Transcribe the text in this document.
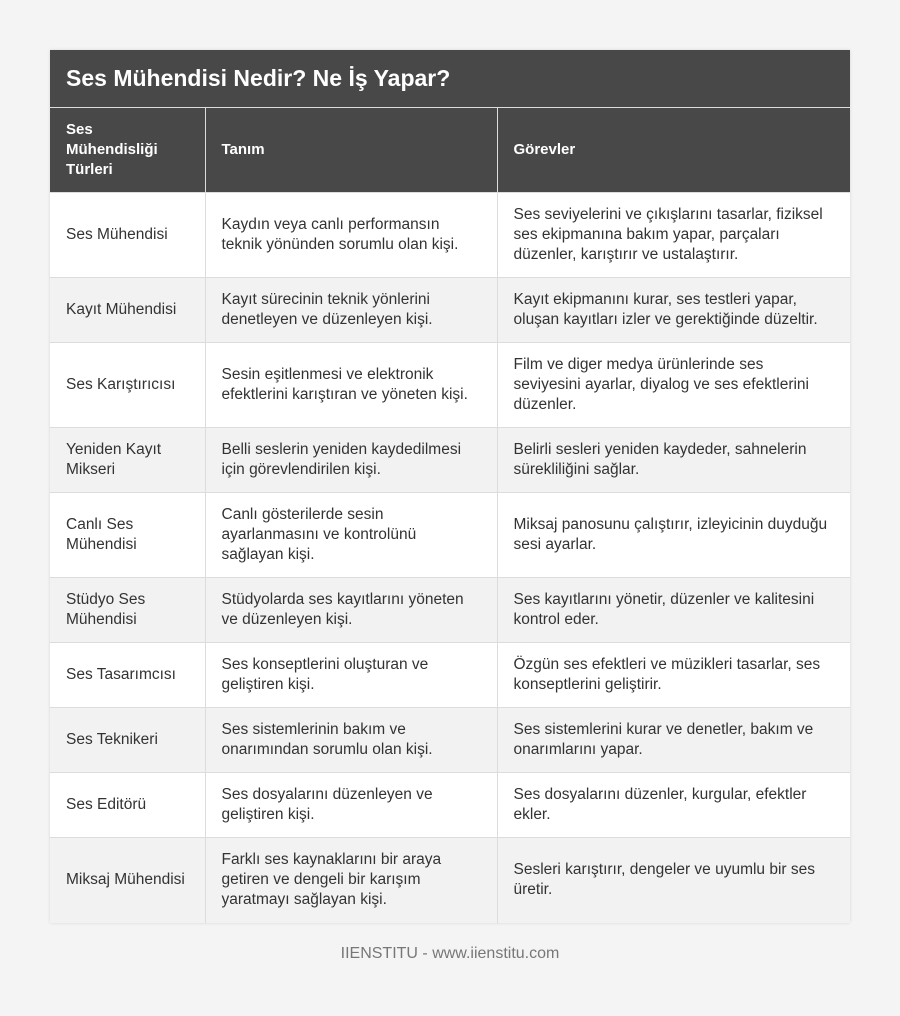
Ses Mühendisi Nedir? Ne İş Yapar?
Ses Mühendisliği Türleri	Tanım	Görevler
Ses Mühendisi	Kaydın veya canlı performansın teknik yönünden sorumlu olan kişi.	Ses seviyelerini ve çıkışlarını tasarlar, fiziksel ses ekipmanına bakım yapar, parçaları düzenler, karıştırır ve ustalaştırır.
Kayıt Mühendisi	Kayıt sürecinin teknik yönlerini denetleyen ve düzenleyen kişi.	Kayıt ekipmanını kurar, ses testleri yapar, oluşan kayıtları izler ve gerektiğinde düzeltir.
Ses Karıştırıcısı	Sesin eşitlenmesi ve elektronik efektlerini karıştıran ve yöneten kişi.	Film ve diger medya ürünlerinde ses seviyesini ayarlar, diyalog ve ses efektlerini düzenler.
Yeniden Kayıt Mikseri	Belli seslerin yeniden kaydedilmesi için görevlendirilen kişi.	Belirli sesleri yeniden kaydeder, sahnelerin sürekliliğini sağlar.
Canlı Ses Mühendisi	Canlı gösterilerde sesin ayarlanmasını ve kontrolünü sağlayan kişi.	Miksaj panosunu çalıştırır, izleyicinin duyduğu sesi ayarlar.
Stüdyo Ses Mühendisi	Stüdyolarda ses kayıtlarını yöneten ve düzenleyen kişi.	Ses kayıtlarını yönetir, düzenler ve kalitesini kontrol eder.
Ses Tasarımcısı	Ses konseptlerini oluşturan ve geliştiren kişi.	Özgün ses efektleri ve müzikleri tasarlar, ses konseptlerini geliştirir.
Ses Teknikeri	Ses sistemlerinin bakım ve onarımından sorumlu olan kişi.	Ses sistemlerini kurar ve denetler, bakım ve onarımlarını yapar.
Ses Editörü	Ses dosyalarını düzenleyen ve geliştiren kişi.	Ses dosyalarını düzenler, kurgular, efektler ekler.
Miksaj Mühendisi	Farklı ses kaynaklarını bir araya getiren ve dengeli bir karışım yaratmayı sağlayan kişi.	Sesleri karıştırır, dengeler ve uyumlu bir ses üretir.
IIENSTITU - www.iienstitu.com
